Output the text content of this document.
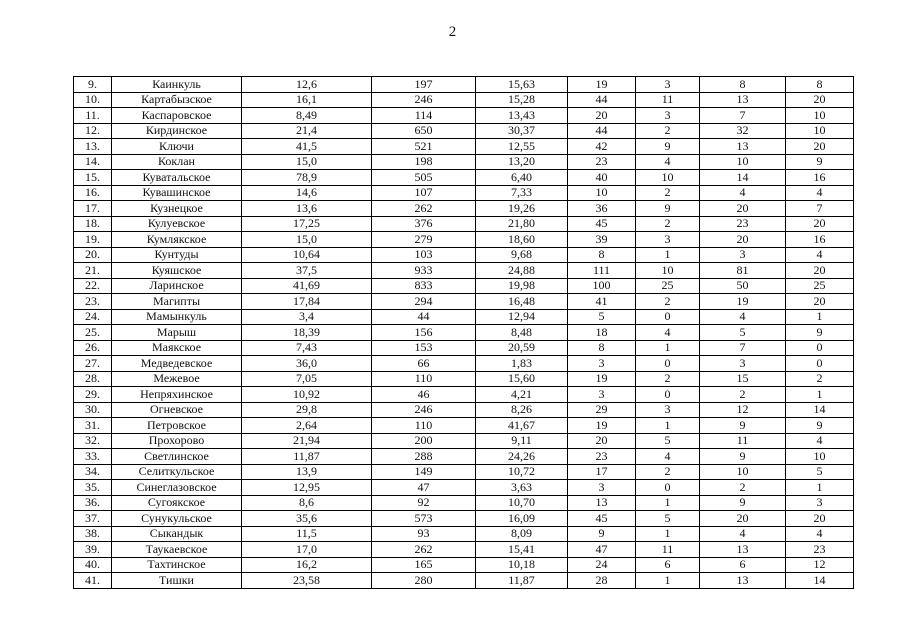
2
9.	Каинкуль	12,6	197	15,63	19	3	8	8
10.	Картабызское	16,1	246	15,28	44	11	13	20
11.	Каспаровское	8,49	114	13,43	20	3	7	10
12.	Кирдинское	21,4	650	30,37	44	2	32	10
13.	Ключи	41,5	521	12,55	42	9	13	20
14.	Коклан	15,0	198	13,20	23	4	10	9
15.	Куватальское	78,9	505	6,40	40	10	14	16
16.	Кувашинское	14,6	107	7,33	10	2	4	4
17.	Кузнецкое	13,6	262	19,26	36	9	20	7
18.	Кулуевское	17,25	376	21,80	45	2	23	20
19.	Кумлякское	15,0	279	18,60	39	3	20	16
20.	Кунтуды	10,64	103	9,68	8	1	3	4
21.	Куяшское	37,5	933	24,88	111	10	81	20
22.	Ларинское	41,69	833	19,98	100	25	50	25
23.	Магипты	17,84	294	16,48	41	2	19	20
24.	Мамынкуль	3,4	44	12,94	5	0	4	1
25.	Марыш	18,39	156	8,48	18	4	5	9
26.	Маякское	7,43	153	20,59	8	1	7	0
27.	Медведевское	36,0	66	1,83	3	0	3	0
28.	Межевое	7,05	110	15,60	19	2	15	2
29.	Непряхинское	10,92	46	4,21	3	0	2	1
30.	Огневское	29,8	246	8,26	29	3	12	14
31.	Петровское	2,64	110	41,67	19	1	9	9
32.	Прохорово	21,94	200	9,11	20	5	11	4
33.	Светлинское	11,87	288	24,26	23	4	9	10
34.	Селиткульское	13,9	149	10,72	17	2	10	5
35.	Синеглазовское	12,95	47	3,63	3	0	2	1
36.	Сугоякское	8,6	92	10,70	13	1	9	3
37.	Сунукульское	35,6	573	16,09	45	5	20	20
38.	Сыкандык	11,5	93	8,09	9	1	4	4
39.	Таукаевское	17,0	262	15,41	47	11	13	23
40.	Тахтинское	16,2	165	10,18	24	6	6	12
41.	Тишки	23,58	280	11,87	28	1	13	14
